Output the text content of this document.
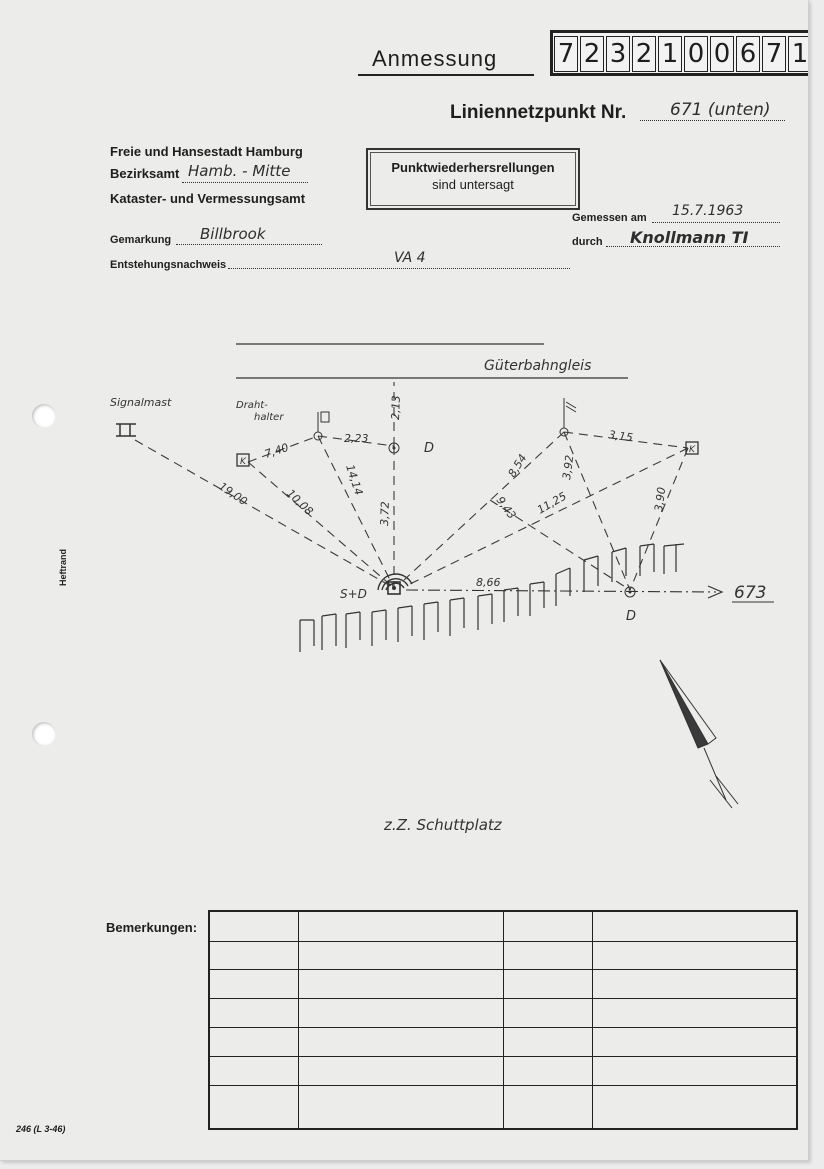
Anmessung 7 2 3 2 1 0 0 6 7 1
Liniennetzpunkt Nr.	671 (unten)
Freie und Hansestadt Hamburg
Bezirksamt Hamb. - Mitte
Kataster- und Vermessungsamt
Punktwiederhersrellungen
sind untersagt
Gemarkung Billbrook
Entstehungsnachweis	VA 4
Gemessen am 15.7.1963
durch Knollmann TI
Güterbahngleis
673
Signalmast	Draht-
halter
K
K
D
D
S+D
7,40
2,23
2,13
19,00	10,08
14,14
3,72
3,15
8,54	3,92
9,43 11,25	3,90
8,66
z.Z. Schuttplatz
Bemerkungen:

Heftrand
246 (L 3-46)
